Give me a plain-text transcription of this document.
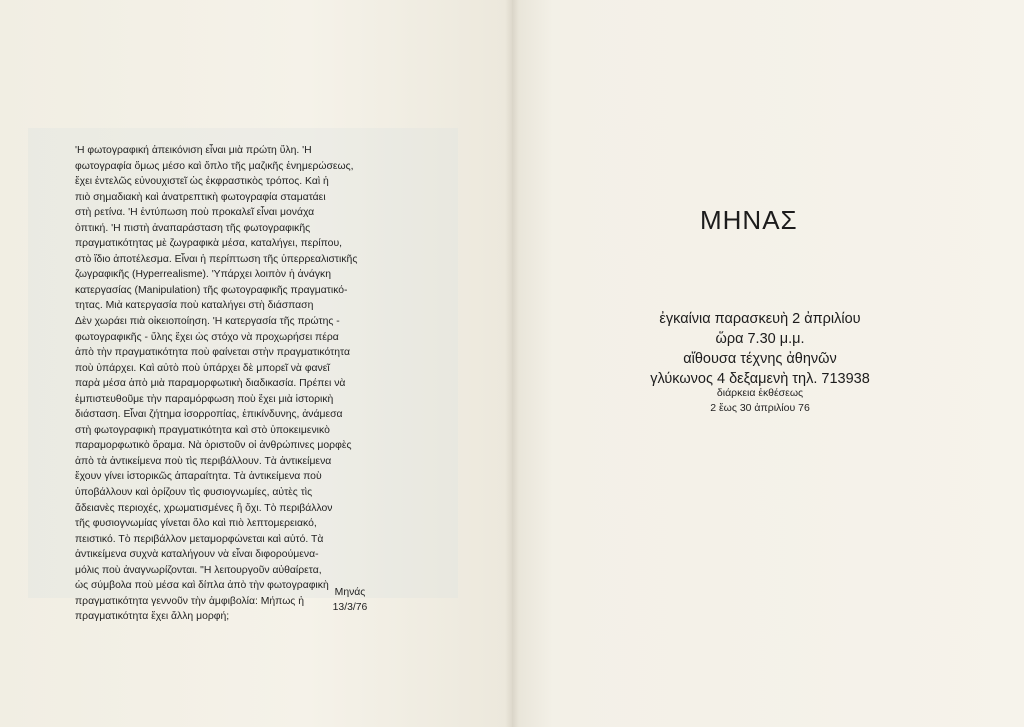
'Η φωτογραφική ἀπεικόνιση εἶναι μιὰ πρώτη ὕλη. 'Η
φωτογραφία ὅμως μέσο καὶ ὅπλο τῆς μαζικῆς ἐνημερώσεως,
ἔχει ἐντελῶς εὐνουχιστεῖ ὡς ἐκφραστικὸς τρόπος. Καὶ ἡ
πιὸ σημαδιακὴ καὶ ἀνατρεπτικὴ φωτογραφία σταματάει
στὴ ρετίνα. 'Η ἐντύπωση ποὺ προκαλεῖ εἶναι μονάχα
ὀπτική. 'Η πιστὴ ἀναπαράσταση τῆς φωτογραφικῆς
πραγματικότητας μὲ ζωγραφικὰ μέσα, καταλήγει, περίπου,
στὸ ἴδιο ἀποτέλεσμα. Εἶναι ἡ περίπτωση τῆς ὑπερρεαλιστικῆς
ζωγραφικῆς (Hyperrealisme). 'Υπάρχει λοιπὸν ἡ ἀνάγκη
κατεργασίας (Manipulation) τῆς φωτογραφικῆς πραγματικό-
τητας. Μιὰ κατεργασία ποὺ καταλήγει στὴ διάσπαση
Δὲν χωράει πιὰ οἰκειοποίηση. 'Η κατεργασία τῆς πρώτης -
φωτογραφικῆς - ὕλης ἔχει ὡς στόχο νὰ προχωρήσει πέρα
ἀπὸ τὴν πραγματικότητα ποὺ φαίνεται στὴν πραγματικότητα
ποὺ ὑπάρχει. Καὶ αὐτὸ ποὺ ὑπάρχει δὲ μπορεῖ νὰ φανεῖ
παρὰ μέσα ἀπὸ μιὰ παραμορφωτικὴ διαδικασία. Πρέπει νὰ
ἐμπιστευθοῦμε τὴν παραμόρφωση ποὺ ἔχει μιὰ ἱστορικὴ
διάσταση. Εἶναι ζήτημα ἰσορροπίας, ἐπικίνδυνης, ἀνάμεσα
στὴ φωτογραφικὴ πραγματικότητα καὶ στὸ ὑποκειμενικὸ
παραμορφωτικὸ ὅραμα. Νὰ ὁριστοῦν οἱ ἀνθρώπινες μορφὲς
ἀπὸ τὰ ἀντικείμενα ποὺ τὶς περιβάλλουν. Τὰ ἀντικείμενα
ἔχουν γίνει ἱστορικῶς ἀπαραίτητα. Τὰ ἀντικείμενα ποὺ
ὑποβάλλουν καὶ ὁρίζουν τὶς φυσιογνωμίες, αὐτὲς τὶς
ἄδειανὲς περιοχές, χρωματισμένες ἢ ὄχι. Τὸ περιβάλλον
τῆς φυσιογνωμίας γίνεται ὅλο καὶ πιὸ λεπτομερειακό,
πειστικό. Τὸ περιβάλλον μεταμορφώνεται καὶ αὐτό. Τὰ
ἀντικείμενα συχνὰ καταλήγουν νὰ εἶναι διφορούμενα-
μόλις ποὺ ἀναγνωρίζονται. "Η λειτουργοῦν αὐθαίρετα,
ὡς σύμβολα ποὺ μέσα καὶ δίπλα ἀπὸ τὴν φωτογραφικὴ
πραγματικότητα γεννοῦν τὴν ἀμφιβολία: Μήπως ἡ
πραγματικότητα ἔχει ἄλλη μορφή;

Μηνάς
13/3/76
ΜΗΝΑΣ
ἐγκαίνια παρασκευὴ 2 ἀπριλίου
ὥρα 7.30 μ.μ.
αἴθουσα τέχνης ἀθηνῶν
γλύκωνος 4 δεξαμενὴ τηλ. 713938
διάρκεια ἐκθέσεως
2 ἕως 30 ἀπριλίου 76
